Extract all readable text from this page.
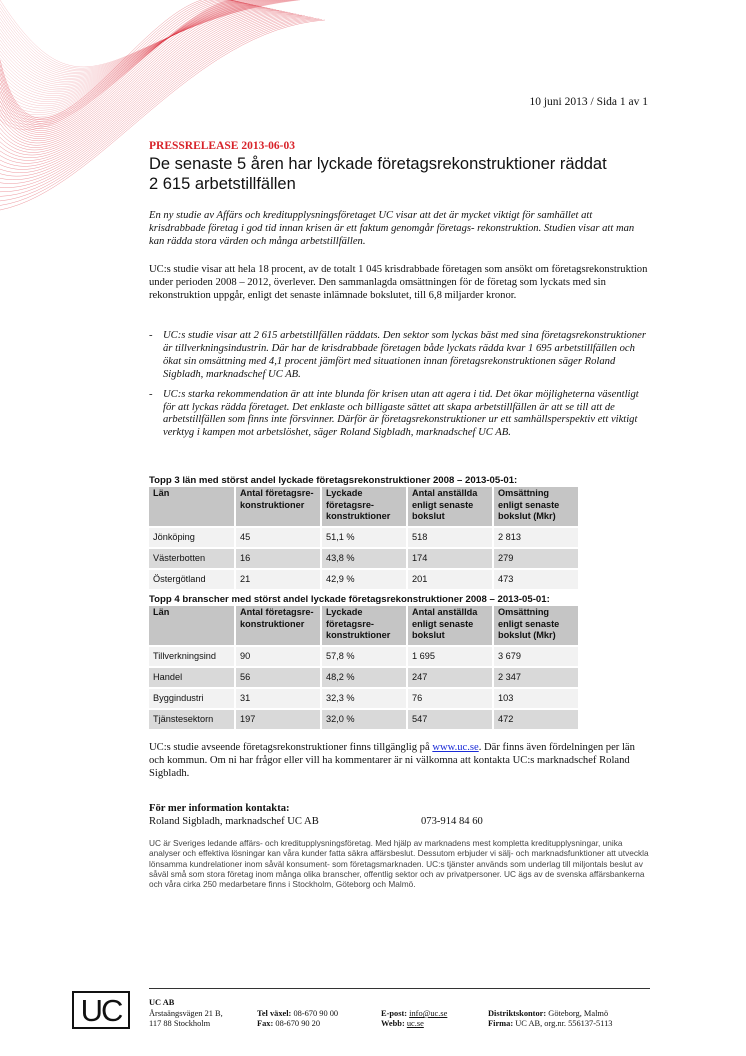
10 juni 2013 / Sida 1 av 1
PRESSRELEASE 2013-06-03
De senaste 5 åren har lyckade företagsrekonstruktioner räddat
2 615 arbetstillfällen

En ny studie av Affärs och kreditupplysningsföretaget UC visar att det är mycket viktigt för samhället att krisdrabbade företag i god tid innan krisen är ett faktum genomgår företags- rekonstruktion. Studien visar att man kan rädda stora värden och många arbetstillfällen.

UC:s studie visar att hela 18 procent, av de totalt 1 045 krisdrabbade företagen som ansökt om företagsrekonstruktion under perioden 2008 – 2012, överlever. Den sammanlagda omsättningen för de företag som lyckats med sin rekonstruktion uppgår, enligt det senaste inlämnade bokslutet, till 6,8 miljarder kronor.

- UC:s studie visar att 2 615 arbetstillfällen räddats. Den sektor som lyckas bäst med sina företagsrekonstruktioner är tillverkningsindustrin. Där har de krisdrabbade företagen både lyckats rädda kvar 1 695 arbetstillfällen och ökat sin omsättning med 4,1 procent jämfört med situationen innan företagsrekonstruktionen säger Roland Sigbladh, marknadschef UC AB.
- UC:s starka rekommendation är att inte blunda för krisen utan att agera i tid. Det ökar möjligheterna väsentligt för att lyckas rädda företaget. Det enklaste och billigaste sättet att skapa arbetstillfällen är att se till att de arbetstillfällen som finns inte försvinner. Därför är företagsrekonstruktioner ur ett samhällsperspektiv ett viktigt verktyg i kampen mot arbetslöshet, säger Roland Sigbladh, marknadschef UC AB.
Topp 3 län med störst andel lyckade företagsrekonstruktioner 2008 – 2013-05-01:
Län	Antal företagsre- konstruktioner	Lyckade företagsre- konstruktioner	Antal anställda enligt senaste bokslut	Omsättning enligt senaste bokslut (Mkr)
Jönköping	45	51,1 %	518	2 813
Västerbotten	16	43,8 %	174	279
Östergötland	21	42,9 %	201	473
Topp 4 branscher med störst andel lyckade företagsrekonstruktioner 2008 – 2013-05-01:
Län	Antal företagsre- konstruktioner	Lyckade företagsre- konstruktioner	Antal anställda enligt senaste bokslut	Omsättning enligt senaste bokslut (Mkr)
Tillverkningsind	90	57,8 %	1 695	3 679
Handel	56	48,2 %	247	2 347
Byggindustri	31	32,3 %	76	103
Tjänstesektorn	197	32,0 %	547	472

UC:s studie avseende företagsrekonstruktioner finns tillgänglig på www.uc.se. Där finns även fördelningen per län och kommun. Om ni har frågor eller vill ha kommentarer är ni välkomna att kontakta UC:s marknadschef Roland Sigbladh.

För mer information kontakta:
Roland Sigbladh, marknadschef UC AB	073-914 84 60

UC är Sveriges ledande affärs- och kreditupplysningsföretag. Med hjälp av marknadens mest kompletta kreditupplysningar, unika analyser och effektiva lösningar kan våra kunder fatta säkra affärsbeslut. Dessutom erbjuder vi sälj- och marknadsfunktioner att utveckla lönsamma kundrelationer inom såväl konsument- som företagsmarknaden. UC:s tjänster används som underlag till miljontals beslut av såväl små som stora företag inom många olika branscher, offentlig sektor och av privatpersoner. UC ägs av de svenska affärsbankerna och våra cirka 250 medarbetare finns i Stockholm, Göteborg och Malmö.

UC	UC AB
Årstaängsvägen 21 B,
117 88 Stockholm
Tel växel: 08-670 90 00
Fax: 08-670 90 20
E-post: info@uc.se
Webb: uc.se
Distriktskontor: Göteborg, Malmö
Firma: UC AB, org.nr. 556137-5113
